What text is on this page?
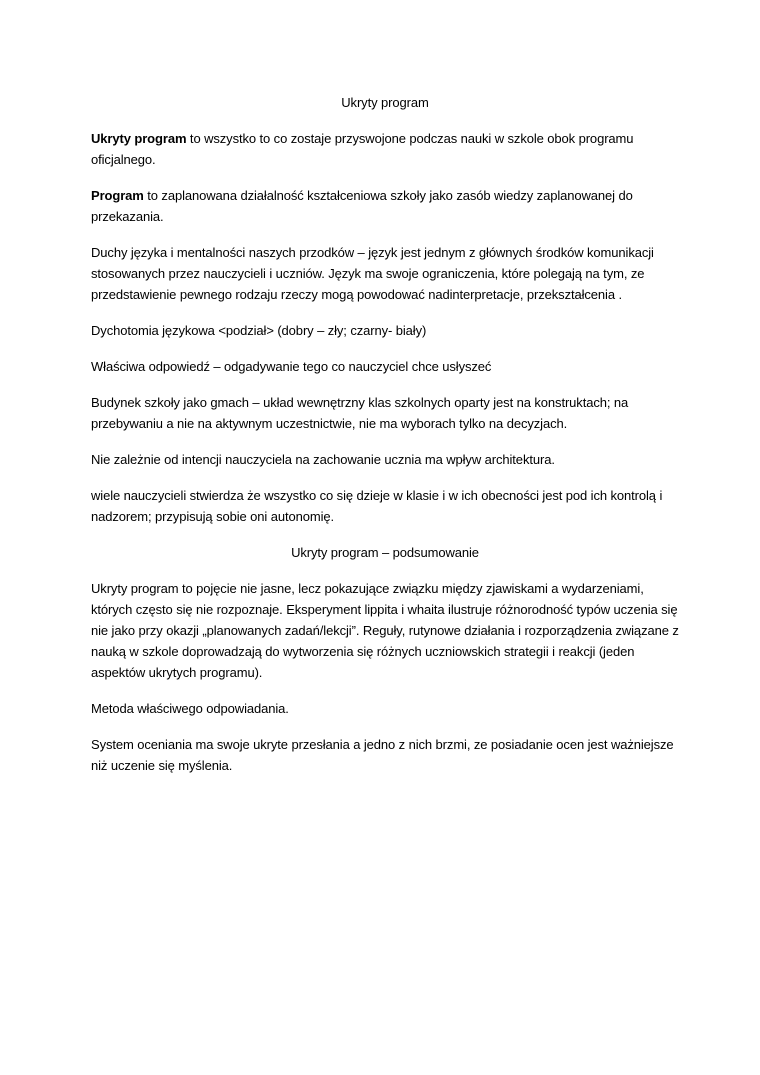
Ukryty program
Ukryty program to wszystko to co zostaje przyswojone podczas nauki w szkole obok programu oficjalnego.
Program to zaplanowana działalność kształceniowa szkoły jako zasób wiedzy zaplanowanej do przekazania.
Duchy języka i mentalności naszych przodków – język jest jednym z głównych środków komunikacji stosowanych przez nauczycieli i uczniów. Język ma swoje ograniczenia, które polegają na tym, ze przedstawienie pewnego rodzaju rzeczy mogą powodować nadinterpretacje, przekształcenia .
Dychotomia językowa <podział> (dobry – zły; czarny- biały)
Właściwa odpowiedź – odgadywanie tego co nauczyciel chce usłyszeć
Budynek szkoły jako gmach – układ wewnętrzny klas szkolnych oparty jest na konstruktach; na przebywaniu a nie na aktywnym uczestnictwie, nie ma wyborach tylko na decyzjach.
Nie zależnie od intencji nauczyciela na zachowanie ucznia ma wpływ architektura.
wiele nauczycieli stwierdza że wszystko co się dzieje w klasie i w ich obecności jest pod ich kontrolą i nadzorem; przypisują sobie oni autonomię.
Ukryty program – podsumowanie
Ukryty program to pojęcie nie jasne, lecz pokazujące związku między zjawiskami a wydarzeniami, których często się nie rozpoznaje. Eksperyment lippita i whaita ilustruje różnorodność typów uczenia się nie jako przy okazji „planowanych zadań/lekcji”. Reguły, rutynowe działania i rozporządzenia związane z nauką w szkole doprowadzają do wytworzenia się różnych uczniowskich strategii i reakcji (jeden aspektów ukrytych programu).
Metoda właściwego odpowiadania.
System oceniania ma swoje ukryte przesłania a jedno z nich brzmi, ze posiadanie ocen jest ważniejsze niż uczenie się myślenia.
